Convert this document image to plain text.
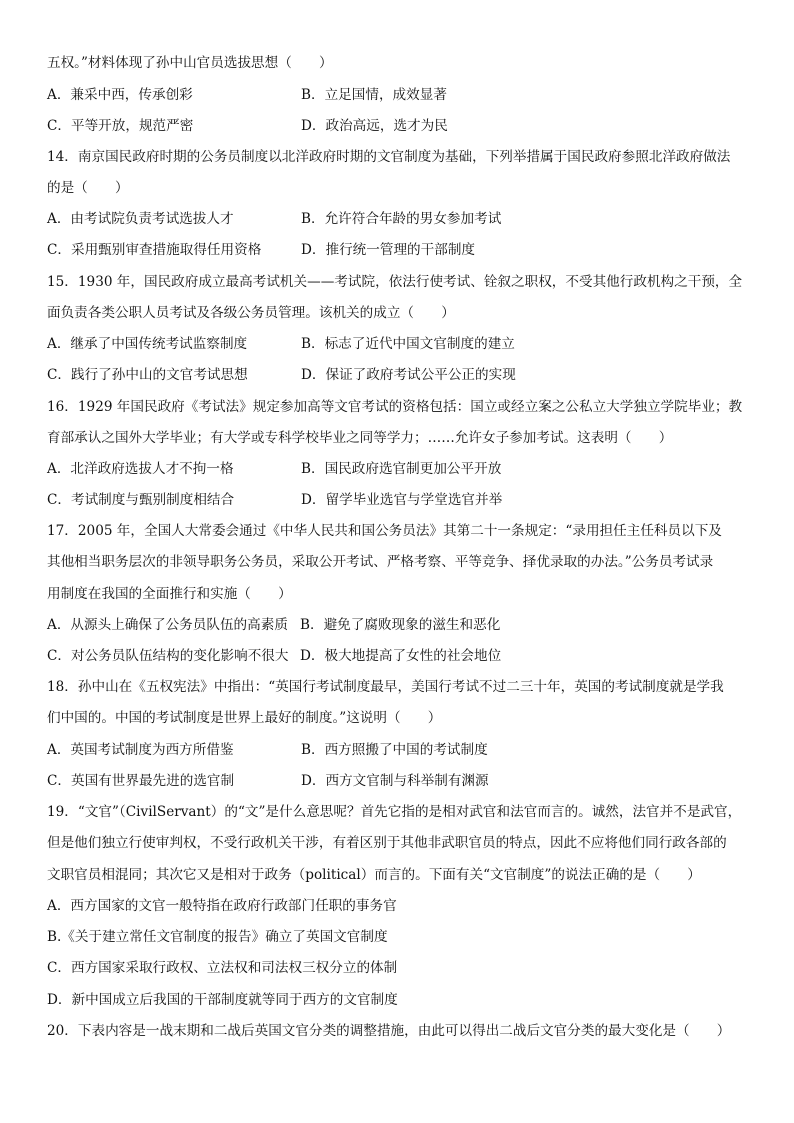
五权。”材料体现了孙中山官员选拔思想（　　）
A．兼采中西，传承创彩	B．立足国情，成效显著
C．平等开放，规范严密	D．政治高远，选才为民
14．南京国民政府时期的公务员制度以北洋政府时期的文官制度为基础，下列举措属于国民政府参照北洋政府做法
的是（　　）
A．由考试院负责考试选拔人才	B．允许符合年龄的男女参加考试
C．采用甄别审查措施取得任用资格	D．推行统一管理的干部制度
15．1930 年，国民政府成立最高考试机关——考试院，依法行使考试、铨叙之职权，不受其他行政机构之干预，全
面负责各类公职人员考试及各级公务员管理。该机关的成立（　　）
A．继承了中国传统考试监察制度	B．标志了近代中国文官制度的建立
C．践行了孙中山的文官考试思想	D．保证了政府考试公平公正的实现
16．1929 年国民政府《考试法》规定参加高等文官考试的资格包括：国立或经立案之公私立大学独立学院毕业；教
育部承认之国外大学毕业；有大学或专科学校毕业之同等学力；……允许女子参加考试。这表明（　　）
A．北洋政府选拔人才不拘一格	B．国民政府选官制更加公平开放
C．考试制度与甄别制度相结合	D．留学毕业选官与学堂选官并举
17．2005 年，全国人大常委会通过《中华人民共和国公务员法》其第二十一条规定：“录用担任主任科员以下及
其他相当职务层次的非领导职务公务员，采取公开考试、严格考察、平等竞争、择优录取的办法。”公务员考试录
用制度在我国的全面推行和实施（　　）
A．从源头上确保了公务员队伍的高素质 B．避免了腐败现象的滋生和恶化
C．对公务员队伍结构的变化影响不很大 D．极大地提高了女性的社会地位
18．孙中山在《五权宪法》中指出：“英国行考试制度最早，美国行考试不过二三十年，英国的考试制度就是学我
们中国的。中国的考试制度是世界上最好的制度。”这说明（　　）
A．英国考试制度为西方所借鉴	B．西方照搬了中国的考试制度
C．英国有世界最先进的选官制	D．西方文官制与科举制有渊源
19．“文官”（CivilServant）的“文”是什么意思呢？首先它指的是相对武官和法官而言的。诚然，法官并不是武官，
但是他们独立行使审判权，不受行政机关干涉，有着区别于其他非武职官员的特点，因此不应将他们同行政各部的
文职官员相混同；其次它又是相对于政务（political）而言的。下面有关“文官制度”的说法正确的是（　　）
A．西方国家的文官一般特指在政府行政部门任职的事务官
B.《关于建立常任文官制度的报告》确立了英国文官制度
C．西方国家采取行政权、立法权和司法权三权分立的体制
D．新中国成立后我国的干部制度就等同于西方的文官制度
20．下表内容是一战末期和二战后英国文官分类的调整措施，由此可以得出二战后文官分类的最大变化是（　　）
